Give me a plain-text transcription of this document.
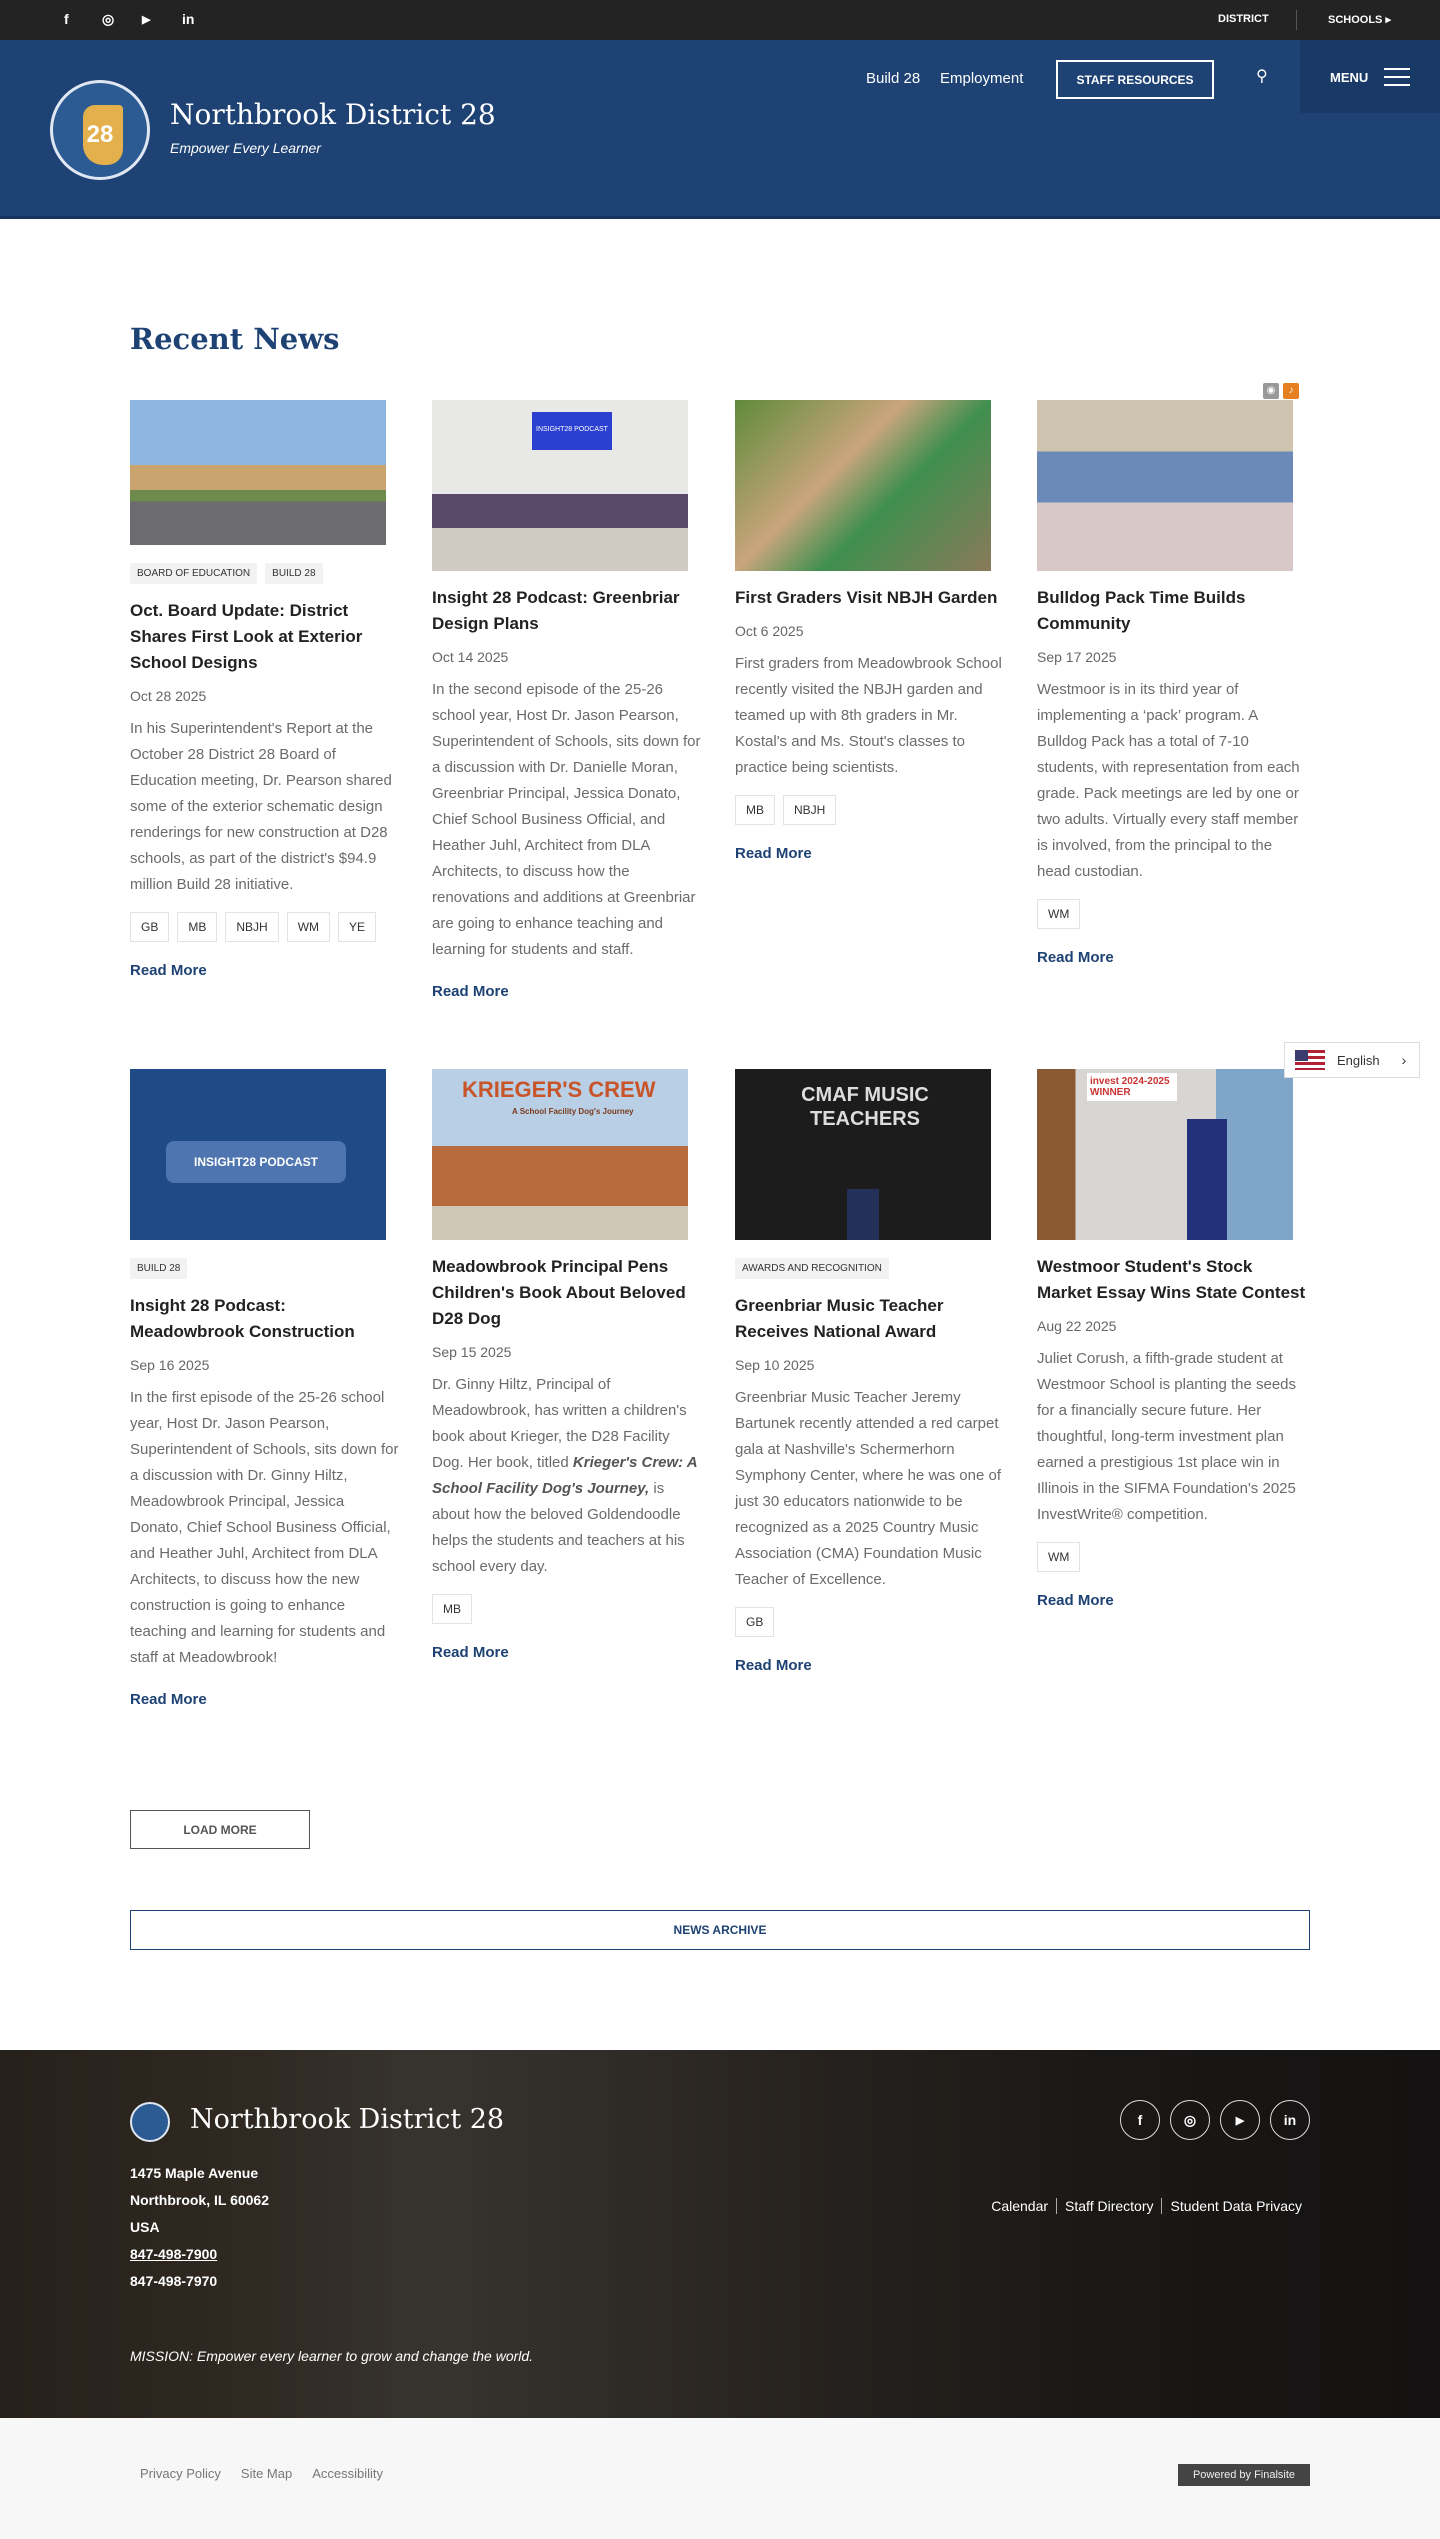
f ◎	▶ in	DISTRICT	SCHOOLS ▸
28
Northbrook District 28
Empower Every Learner
Build 28 Employment	STAFF RESOURCES	⚲	MENU
Recent News
◉	♪
BOARD OF EDUCATION	BUILD 28
Oct. Board Update: District Shares First Look at Exterior School Designs
Oct 28 2025
In his Superintendent's Report at the October 28 District 28 Board of Education meeting, Dr. Pearson shared some of the exterior schematic design renderings for new construction at D28 schools, as part of the district's $94.9 million Build 28 initiative.
GB	MB	NBJH	WM	YE
Read More
INSIGHT28 PODCAST
Insight 28 Podcast: Greenbriar Design Plans
Oct 14 2025
In the second episode of the 25-26 school year, Host Dr. Jason Pearson, Superintendent of Schools, sits down for a discussion with Dr. Danielle Moran, Greenbriar Principal, Jessica Donato, Chief School Business Official, and Heather Juhl, Architect from DLA Architects, to discuss how the renovations and additions at Greenbriar are going to enhance teaching and learning for students and staff.
Read More
First Graders Visit NBJH Garden
Oct 6 2025
First graders from Meadowbrook School recently visited the NBJH garden and teamed up with 8th graders in Mr. Kostal's and Ms. Stout's classes to practice being scientists.
MB	NBJH
Read More
Bulldog Pack Time Builds Community
Sep 17 2025
Westmoor is in its third year of implementing a ‘pack’ program. A Bulldog Pack has a total of 7-10 students, with representation from each grade. Pack meetings are led by one or two adults. Virtually every staff member is involved, from the principal to the head custodian.
WM
Read More
INSIGHT28 PODCAST
BUILD 28
Insight 28 Podcast: Meadowbrook Construction
Sep 16 2025
In the first episode of the 25-26 school year, Host Dr. Jason Pearson, Superintendent of Schools, sits down for a discussion with Dr. Ginny Hiltz, Meadowbrook Principal, Jessica Donato, Chief School Business Official, and Heather Juhl, Architect from DLA Architects, to discuss how the new construction is going to enhance teaching and learning for students and staff at Meadowbrook!
Read More
KRIEGER'S CREW
A School Facility Dog's Journey
Meadowbrook Principal Pens Children's Book About Beloved D28 Dog
Sep 15 2025
Dr. Ginny Hiltz, Principal of Meadowbrook, has written a children's book about Krieger, the D28 Facility Dog. Her book, titled Krieger's Crew: A School Facility Dog's Journey, is about how the beloved Goldendoodle helps the students and teachers at his school every day.
MB
Read More
CMAF MUSIC TEACHERS
AWARDS AND RECOGNITION
Greenbriar Music Teacher Receives National Award
Sep 10 2025
Greenbriar Music Teacher Jeremy Bartunek recently attended a red carpet gala at Nashville's Schermerhorn Symphony Center, where he was one of just 30 educators nationwide to be recognized as a 2025 Country Music Association (CMA) Foundation Music Teacher of Excellence.
GB
Read More
invest 2024-2025 WINNER
Westmoor Student's Stock Market Essay Wins State Contest
Aug 22 2025
Juliet Corush, a fifth-grade student at Westmoor School is planting the seeds for a financially secure future. Her thoughtful, long-term investment plan earned a prestigious 1st place win in Illinois in the SIFMA Foundation's 2025 InvestWrite® competition.
WM
Read More
English ›
LOAD MORE
NEWS ARCHIVE
Northbrook District 28
1475 Maple Avenue
Northbrook, IL 60062
USA
847-498-7900
847-498-7970
f	◎	▶	in
Calendar	Staff Directory	Student Data Privacy
MISSION: Empower every learner to grow and change the world.
Privacy Policy Site Map Accessibility	Powered by Finalsite
